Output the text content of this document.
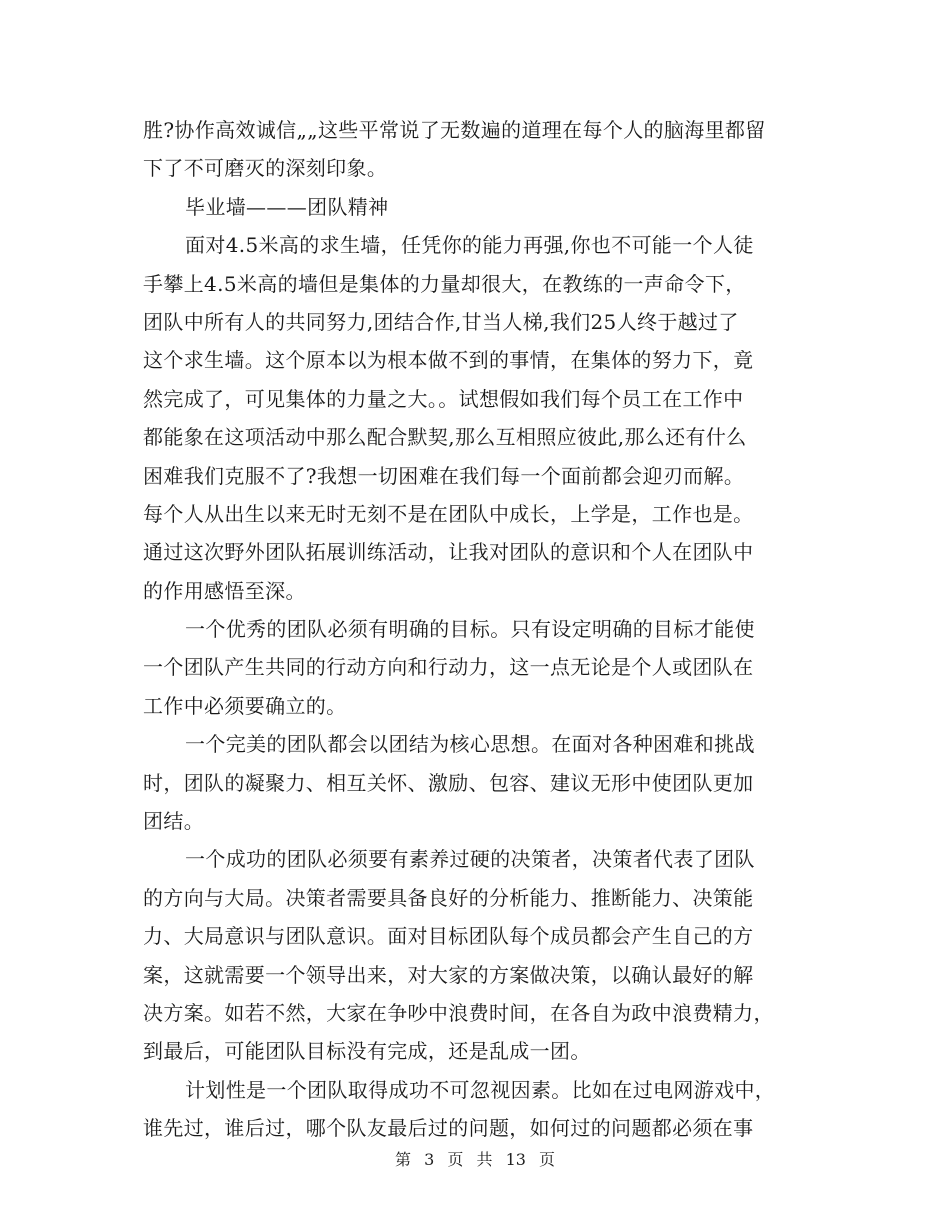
胜?协作高效诚信„„这些平常说了无数遍的道理在每个人的脑海里都留
下了不可磨灭的深刻印象。
毕业墙———团队精神
面对4.5米高的求生墙，任凭你的能力再强,你也不可能一个人徒
手攀上4.5米高的墙但是集体的力量却很大，在教练的一声命令下，
团队中所有人的共同努力,团结合作,甘当人梯,我们25人终于越过了
这个求生墙。这个原本以为根本做不到的事情，在集体的努力下，竟
然完成了，可见集体的力量之大。。试想假如我们每个员工在工作中
都能象在这项活动中那么配合默契,那么互相照应彼此,那么还有什么
困难我们克服不了?我想一切困难在我们每一个面前都会迎刃而解。
每个人从出生以来无时无刻不是在团队中成长，上学是，工作也是。
通过这次野外团队拓展训练活动，让我对团队的意识和个人在团队中
的作用感悟至深。
一个优秀的团队必须有明确的目标。只有设定明确的目标才能使
一个团队产生共同的行动方向和行动力，这一点无论是个人或团队在
工作中必须要确立的。
一个完美的团队都会以团结为核心思想。在面对各种困难和挑战
时，团队的凝聚力、相互关怀、激励、包容、建议无形中使团队更加
团结。
一个成功的团队必须要有素养过硬的决策者，决策者代表了团队
的方向与大局。决策者需要具备良好的分析能力、推断能力、决策能
力、大局意识与团队意识。面对目标团队每个成员都会产生自己的方
案，这就需要一个领导出来，对大家的方案做决策，以确认最好的解
决方案。如若不然，大家在争吵中浪费时间，在各自为政中浪费精力，
到最后，可能团队目标没有完成，还是乱成一团。
计划性是一个团队取得成功不可忽视因素。比如在过电网游戏中，
谁先过，谁后过，哪个队友最后过的问题，如何过的问题都必须在事
第 3 页 共 13 页
